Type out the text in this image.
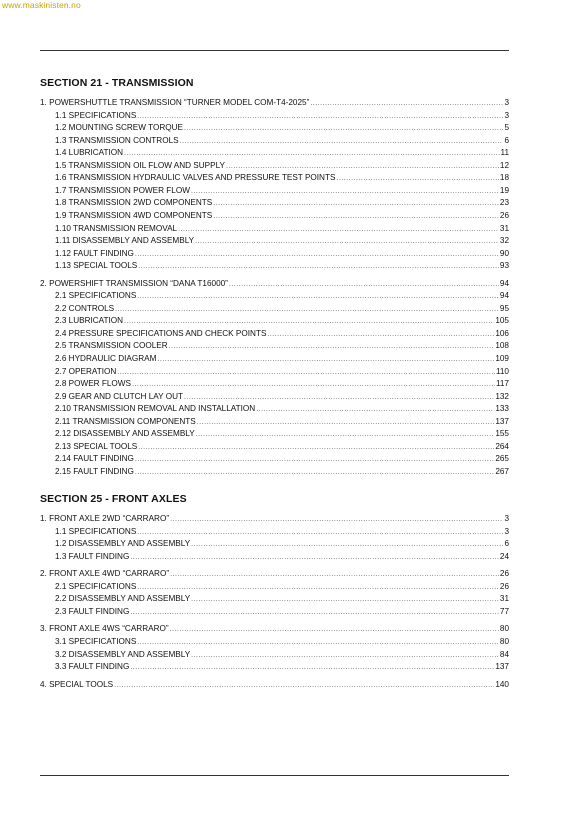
www.maskinisten.no
SECTION 21 - TRANSMISSION
1. POWERSHUTTLE TRANSMISSION “TURNER MODEL COM-T4-2025” .....	3
1.1 SPECIFICATIONS .....	3
1.2 MOUNTING SCREW TORQUE .....	5
1.3 TRANSMISSION CONTROLS .....	6
1.4 LUBRICATION .....	11
1.5 TRANSMISSION OIL FLOW AND SUPPLY .....	12
1.6 TRANSMISSION HYDRAULIC VALVES AND PRESSURE TEST POINTS .....	18
1.7 TRANSMISSION POWER FLOW .....	19
1.8 TRANSMISSION 2WD COMPONENTS .....	23
1.9 TRANSMISSION 4WD COMPONENTS .....	26
1.10 TRANSMISSION REMOVAL .....	31
1.11 DISASSEMBLY AND ASSEMBLY .....	32
1.12 FAULT FINDING .....	90
1.13 SPECIAL TOOLS .....	93
2. POWERSHIFT TRANSMISSION “DANA T16000” .....	94
2.1 SPECIFICATIONS .....	94
2.2 CONTROLS .....	95
2.3 LUBRICATION .....	105
2.4 PRESSURE SPECIFICATIONS AND CHECK POINTS .....	106
2.5 TRANSMISSION COOLER .....	108
2.6 HYDRAULIC DIAGRAM .....	109
2.7 OPERATION .....	110
2.8 POWER FLOWS .....	117
2.9 GEAR AND CLUTCH LAY OUT .....	132
2.10 TRANSMISSION REMOVAL AND INSTALLATION .....	133
2.11 TRANSMISSION COMPONENTS .....	137
2.12 DISASSEMBLY AND ASSEMBLY .....	155
2.13 SPECIAL TOOLS .....	264
2.14 FAULT FINDING .....	265
2.15 FAULT FINDING .....	267
SECTION 25 - FRONT AXLES
1. FRONT AXLE 2WD “CARRARO” .....	3
1.1 SPECIFICATIONS .....	3
1.2 DISASSEMBLY AND ASSEMBLY .....	6
1.3 FAULT FINDING .....	24
2. FRONT AXLE 4WD “CARRARO” .....	26
2.1 SPECIFICATIONS .....	26
2.2 DISASSEMBLY AND ASSEMBLY .....	31
2.3 FAULT FINDING .....	77
3. FRONT AXLE 4WS “CARRARO” .....	80
3.1 SPECIFICATIONS .....	80
3.2 DISASSEMBLY AND ASSEMBLY .....	84
3.3 FAULT FINDING .....	137
4. SPECIAL TOOLS .....	140
